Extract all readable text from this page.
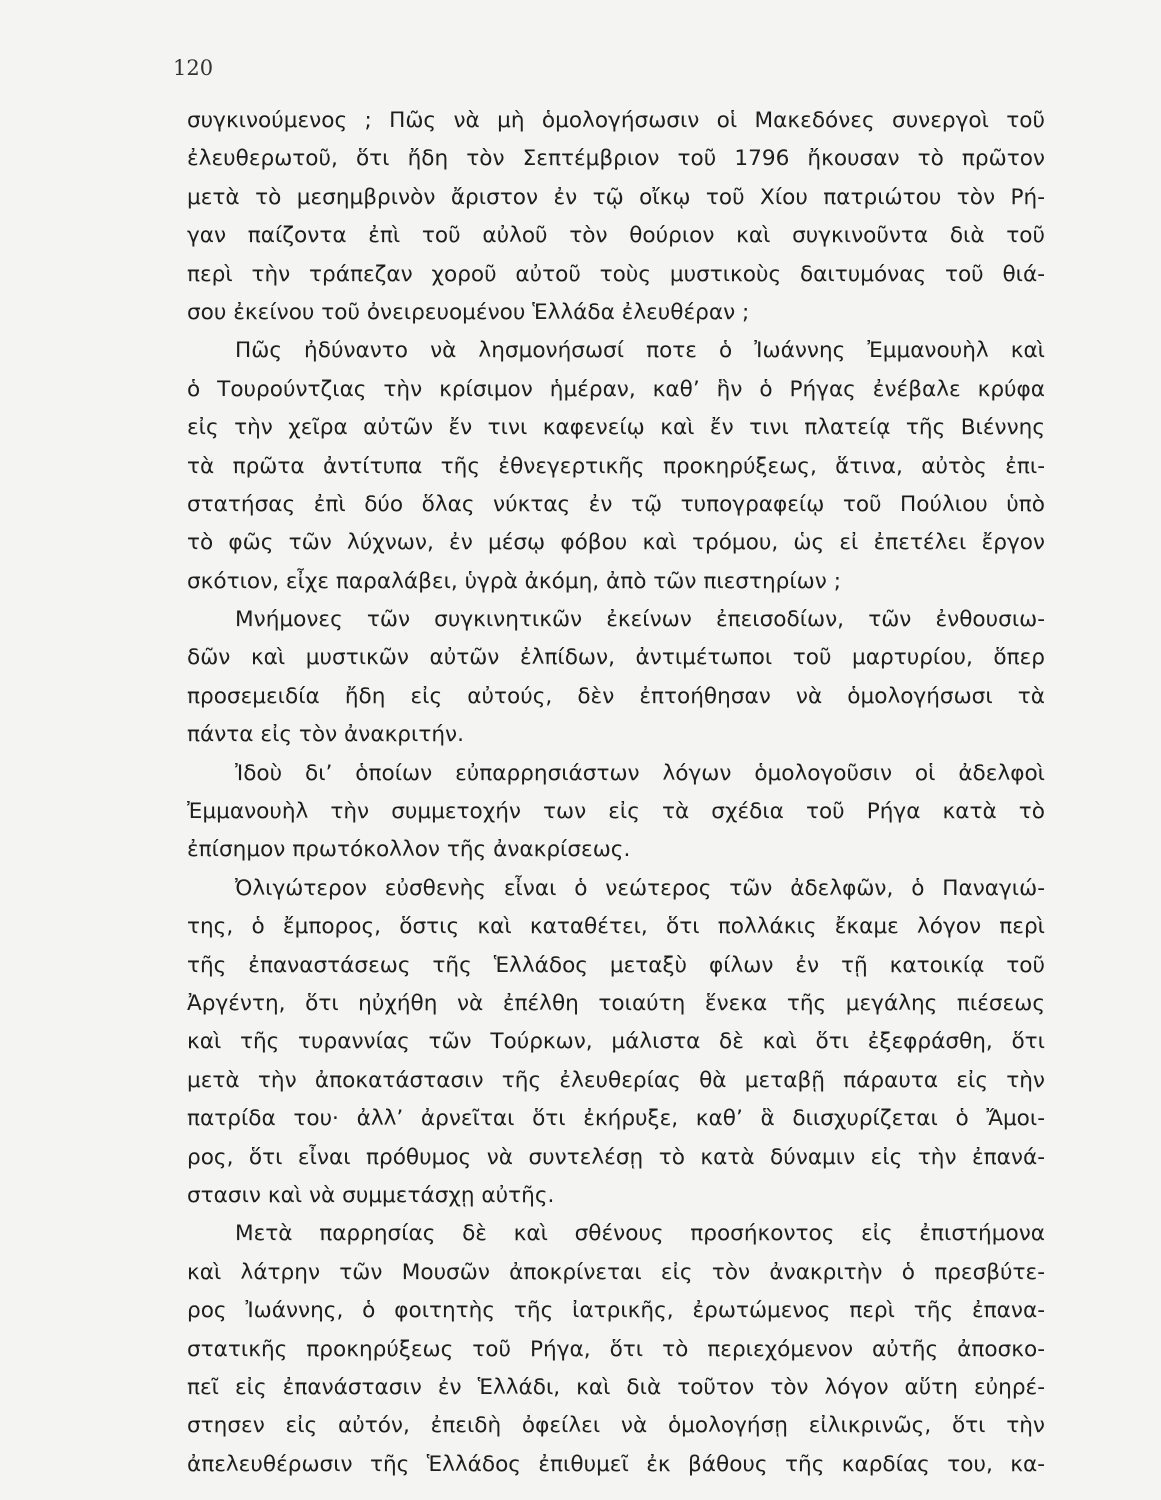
120
συγκινούμενος ; Πῶς νὰ μὴ ὁμολογήσωσιν οἱ Μακεδόνες συνεργοὶ τοῦ
ἐλευθερωτοῦ, ὅτι ἤδη τὸν Σεπτέμβριον τοῦ 1796 ἤκουσαν τὸ πρῶτον
μετὰ τὸ μεσημβρινὸν ἄριστον ἐν τῷ οἴκῳ τοῦ Χίου πατριώτου τὸν Ρή-
γαν παίζοντα ἐπὶ τοῦ αὐλοῦ τὸν θούριον καὶ συγκινοῦντα διὰ τοῦ
περὶ τὴν τράπεζαν χοροῦ αὐτοῦ τοὺς μυστικοὺς δαιτυμόνας τοῦ θιά-
σου ἐκείνου τοῦ ὀνειρευομένου Ἑλλάδα ἐλευθέραν ;
Πῶς ἠδύναντο νὰ λησμονήσωσί ποτε ὁ Ἰωάννης Ἐμμανουὴλ καὶ
ὁ Τουρούντζιας τὴν κρίσιμον ἡμέραν, καθ’ ἣν ὁ Ρήγας ἐνέβαλε κρύφα
εἰς τὴν χεῖρα αὐτῶν ἔν τινι καφενείῳ καὶ ἔν τινι πλατείᾳ τῆς Βιέννης
τὰ πρῶτα ἀντίτυπα τῆς ἐθνεγερτικῆς προκηρύξεως, ἅτινα, αὐτὸς ἐπι-
στατήσας ἐπὶ δύο ὅλας νύκτας ἐν τῷ τυπογραφείῳ τοῦ Πούλιου ὑπὸ
τὸ φῶς τῶν λύχνων, ἐν μέσῳ φόβου καὶ τρόμου, ὡς εἰ ἐπετέλει ἔργον
σκότιον, εἶχε παραλάβει, ὑγρὰ ἀκόμη, ἀπὸ τῶν πιεστηρίων ;
Μνήμονες τῶν συγκινητικῶν ἐκείνων ἐπεισοδίων, τῶν ἐνθουσιω-
δῶν καὶ μυστικῶν αὐτῶν ἐλπίδων, ἀντιμέτωποι τοῦ μαρτυρίου, ὅπερ
προσεμειδία ἤδη εἰς αὐτούς, δὲν ἐπτοήθησαν νὰ ὁμολογήσωσι τὰ
πάντα εἰς τὸν ἀνακριτήν.
Ἰδοὺ δι’ ὁποίων εὐπαρρησιάστων λόγων ὁμολογοῦσιν οἱ ἀδελφοὶ
Ἐμμανουὴλ τὴν συμμετοχήν των εἰς τὰ σχέδια τοῦ Ρήγα κατὰ τὸ
ἐπίσημον πρωτόκολλον τῆς ἀνακρίσεως.
Ὀλιγώτερον εὐσθενὴς εἶναι ὁ νεώτερος τῶν ἀδελφῶν, ὁ Παναγιώ-
της, ὁ ἔμπορος, ὅστις καὶ καταθέτει, ὅτι πολλάκις ἔκαμε λόγον περὶ
τῆς ἐπαναστάσεως τῆς Ἑλλάδος μεταξὺ φίλων ἐν τῇ κατοικίᾳ τοῦ
Ἀργέντη, ὅτι ηὐχήθη νὰ ἐπέλθη τοιαύτη ἕνεκα τῆς μεγάλης πιέσεως
καὶ τῆς τυραννίας τῶν Τούρκων, μάλιστα δὲ καὶ ὅτι ἐξεφράσθη, ὅτι
μετὰ τὴν ἀποκατάστασιν τῆς ἐλευθερίας θὰ μεταβῇ πάραυτα εἰς τὴν
πατρίδα του· ἀλλ’ ἀρνεῖται ὅτι ἐκήρυξε, καθ’ ἃ διισχυρίζεται ὁ Ἄμοι-
ρος, ὅτι εἶναι πρόθυμος νὰ συντελέσῃ τὸ κατὰ δύναμιν εἰς τὴν ἐπανά-
στασιν καὶ νὰ συμμετάσχῃ αὐτῆς.
Μετὰ παρρησίας δὲ καὶ σθένους προσήκοντος εἰς ἐπιστήμονα
καὶ λάτρην τῶν Μουσῶν ἀποκρίνεται εἰς τὸν ἀνακριτὴν ὁ πρεσβύτε-
ρος Ἰωάννης, ὁ φοιτητὴς τῆς ἰατρικῆς, ἐρωτώμενος περὶ τῆς ἐπανα-
στατικῆς προκηρύξεως τοῦ Ρήγα, ὅτι τὸ περιεχόμενον αὐτῆς ἀποσκο-
πεῖ εἰς ἐπανάστασιν ἐν Ἑλλάδι, καὶ διὰ τοῦτον τὸν λόγον αὕτη εὐηρέ-
στησεν εἰς αὐτόν, ἐπειδὴ ὀφείλει νὰ ὁμολογήσῃ εἰλικρινῶς, ὅτι τὴν
ἀπελευθέρωσιν τῆς Ἑλλάδος ἐπιθυμεῖ ἐκ βάθους τῆς καρδίας του, κα-
